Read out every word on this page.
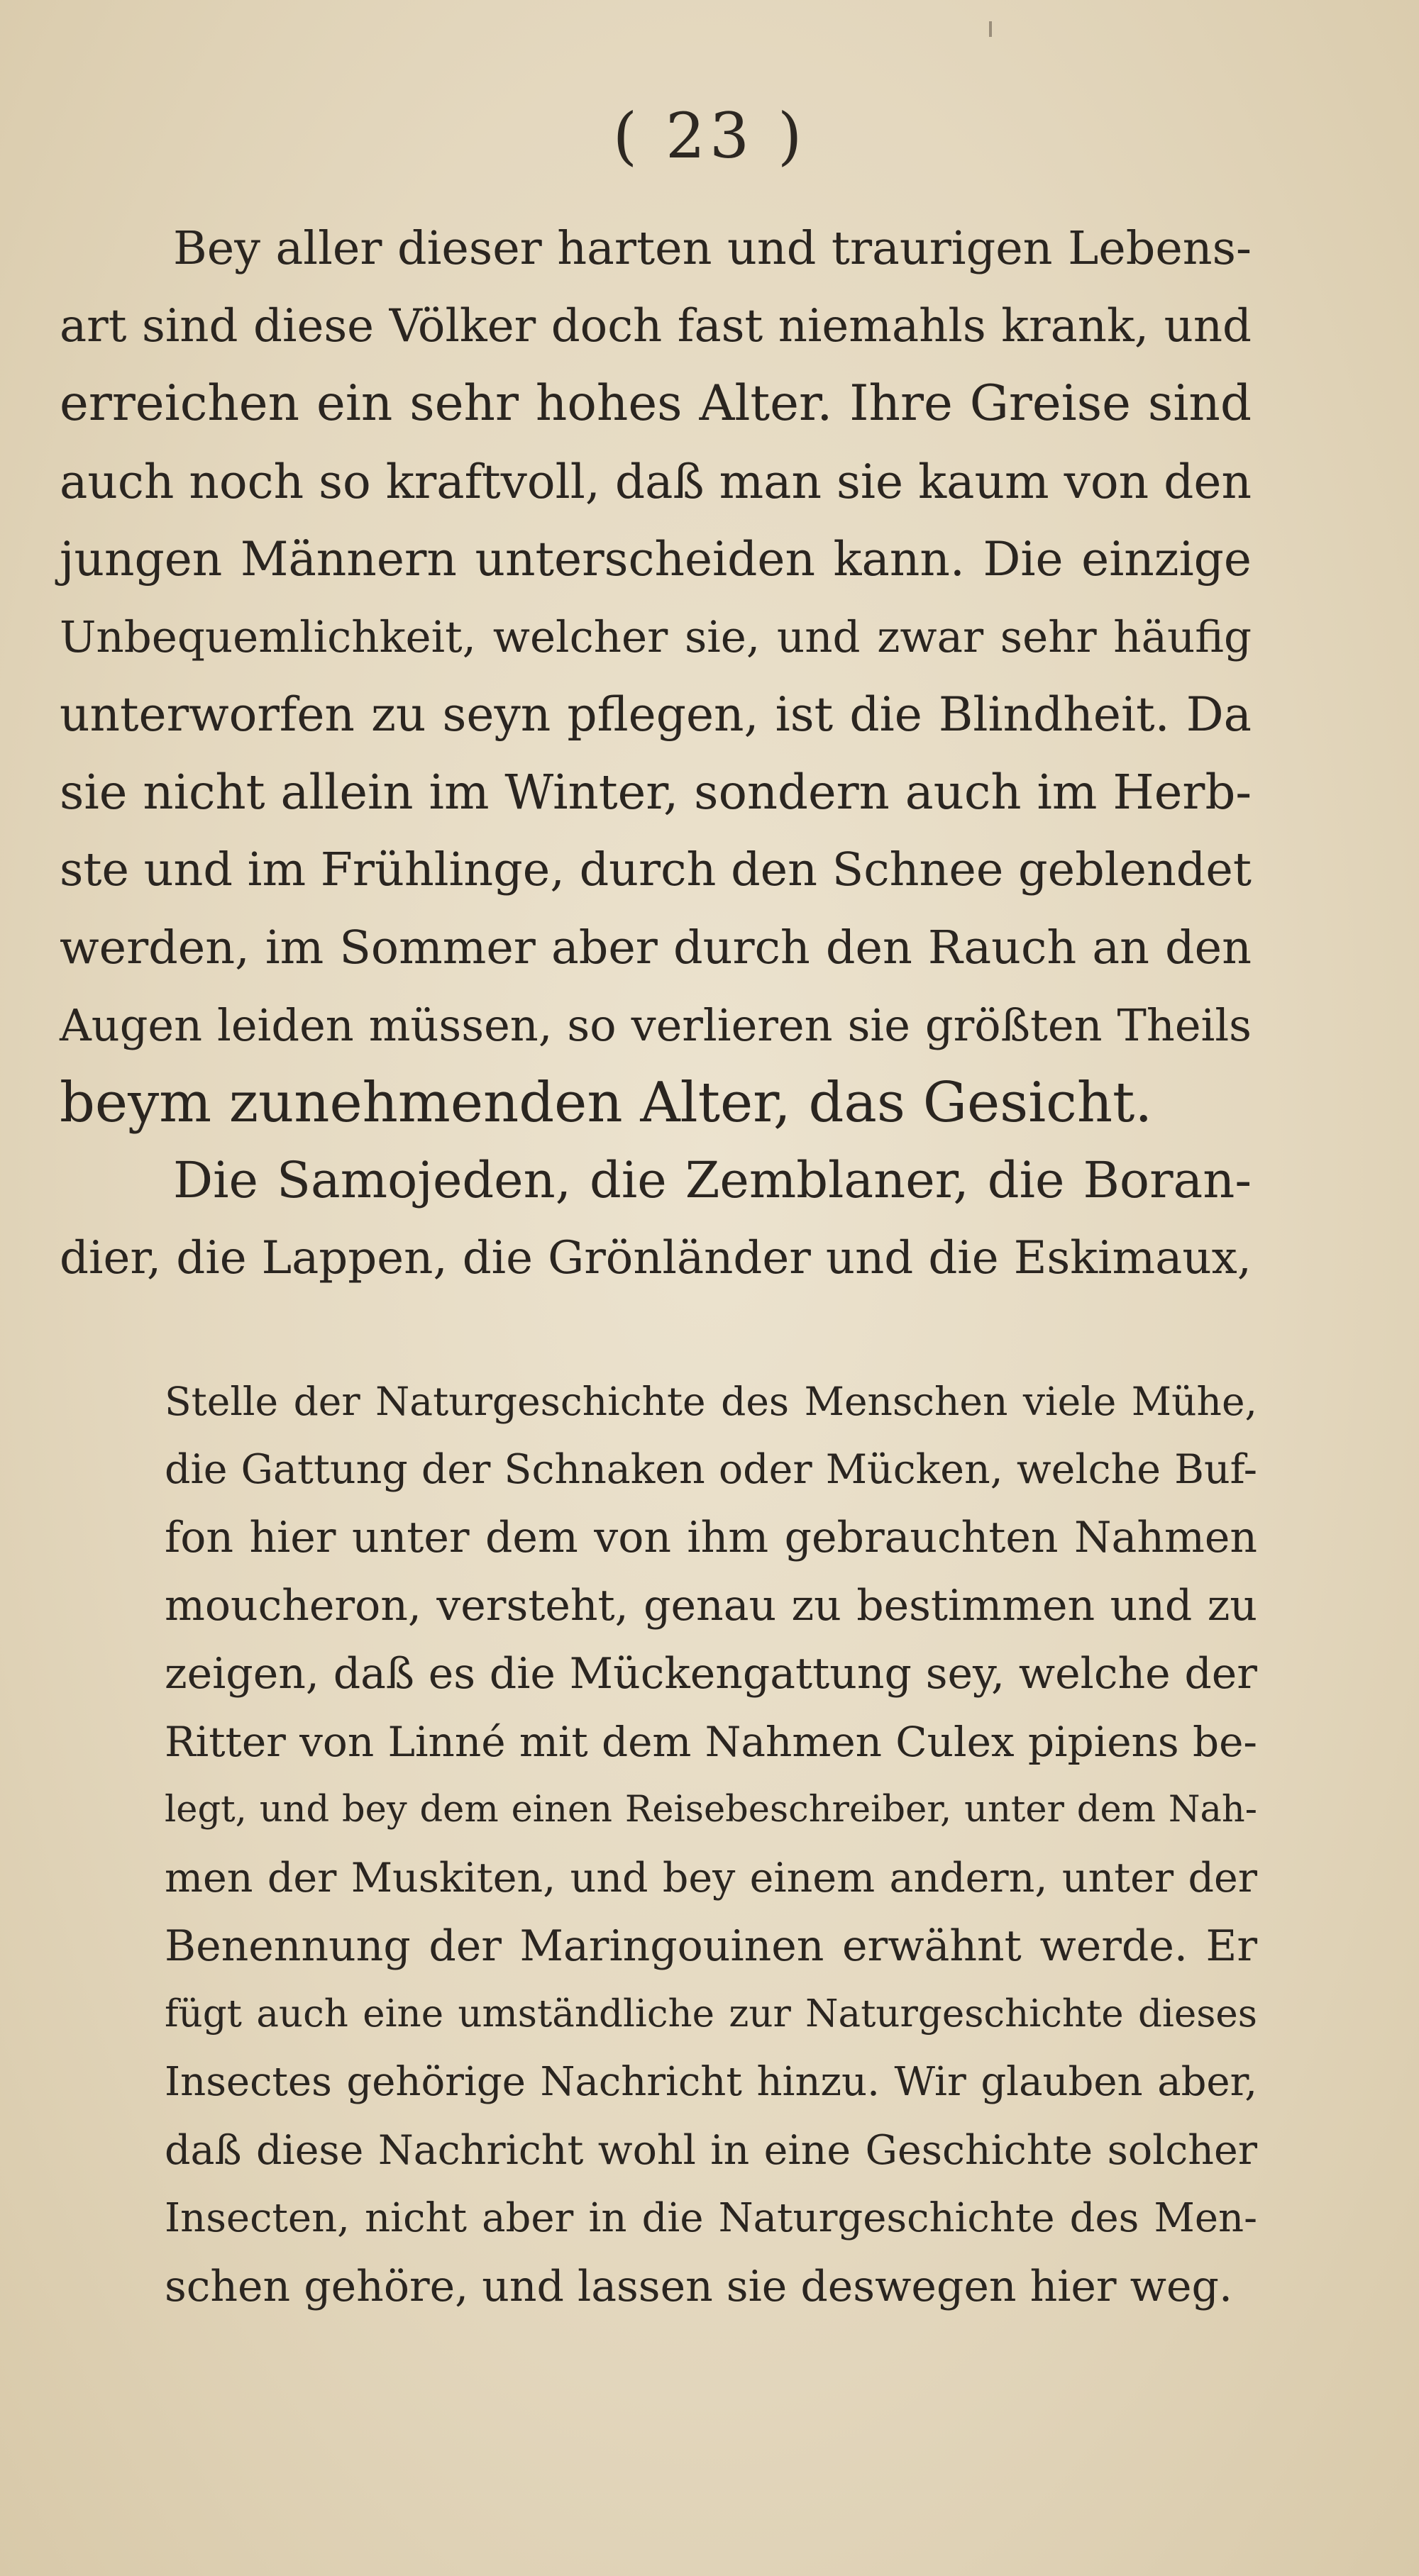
( 23 )
Bey aller dieser harten und traurigen Lebens-
art sind diese Völker doch fast niemahls krank, und
erreichen ein sehr hohes Alter. Ihre Greise sind
auch noch so kraftvoll, daß man sie kaum von den
jungen Männern unterscheiden kann. Die einzige
Unbequemlichkeit, welcher sie, und zwar sehr häufig
unterworfen zu seyn pflegen, ist die Blindheit. Da
sie nicht allein im Winter, sondern auch im Herb-
ste und im Frühlinge, durch den Schnee geblendet
werden, im Sommer aber durch den Rauch an den
Augen leiden müssen, so verlieren sie größten Theils
beym zunehmenden Alter, das Gesicht.
Die Samojeden, die Zemblaner, die Boran-
dier, die Lappen, die Grönländer und die Eskimaux,
Stelle der Naturgeschichte des Menschen viele Mühe,
die Gattung der Schnaken oder Mücken, welche Buf-
fon hier unter dem von ihm gebrauchten Nahmen
moucheron, versteht, genau zu bestimmen und zu
zeigen, daß es die Mückengattung sey, welche der
Ritter von Linné mit dem Nahmen Culex pipiens be-
legt, und bey dem einen Reisebeschreiber, unter dem Nah-
men der Muskiten, und bey einem andern, unter der
Benennung der Maringouinen erwähnt werde. Er
fügt auch eine umständliche zur Naturgeschichte dieses
Insectes gehörige Nachricht hinzu. Wir glauben aber,
daß diese Nachricht wohl in eine Geschichte solcher
Insecten, nicht aber in die Naturgeschichte des Men-
schen gehöre, und lassen sie deswegen hier weg.
